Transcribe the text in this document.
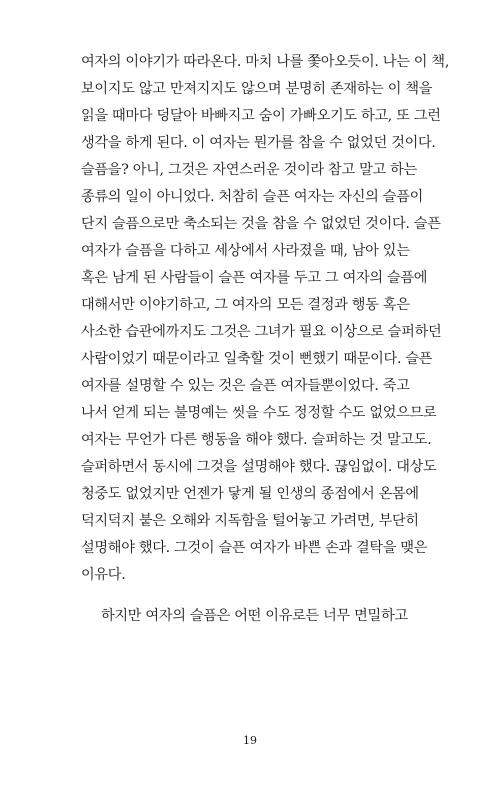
여자의 이야기가 따라온다. 마치 나를 쫓아오듯이. 나는 이 책,
보이지도 않고 만져지지도 않으며 분명히 존재하는 이 책을
읽을 때마다 덩달아 바빠지고 숨이 가빠오기도 하고, 또 그런
생각을 하게 된다. 이 여자는 뭔가를 참을 수 없었던 것이다.
슬픔을? 아니, 그것은 자연스러운 것이라 참고 말고 하는
종류의 일이 아니었다. 처참히 슬픈 여자는 자신의 슬픔이
단지 슬픔으로만 축소되는 것을 참을 수 없었던 것이다. 슬픈
여자가 슬픔을 다하고 세상에서 사라졌을 때, 남아 있는
혹은 남게 된 사람들이 슬픈 여자를 두고 그 여자의 슬픔에
대해서만 이야기하고, 그 여자의 모든 결정과 행동 혹은
사소한 습관에까지도 그것은 그녀가 필요 이상으로 슬퍼하던
사람이었기 때문이라고 일축할 것이 뻔했기 때문이다. 슬픈
여자를 설명할 수 있는 것은 슬픈 여자들뿐이었다. 죽고
나서 얻게 되는 불명예는 씻을 수도 정정할 수도 없었으므로
여자는 무언가 다른 행동을 해야 했다. 슬퍼하는 것 말고도.
슬퍼하면서 동시에 그것을 설명해야 했다. 끊임없이. 대상도
청중도 없었지만 언젠가 닿게 될 인생의 종점에서 온몸에
덕지덕지 붙은 오해와 지독함을 털어놓고 가려면, 부단히
설명해야 했다. 그것이 슬픈 여자가 바쁜 손과 결탁을 맺은
이유다.
하지만 여자의 슬픔은 어떤 이유로든 너무 면밀하고
19
